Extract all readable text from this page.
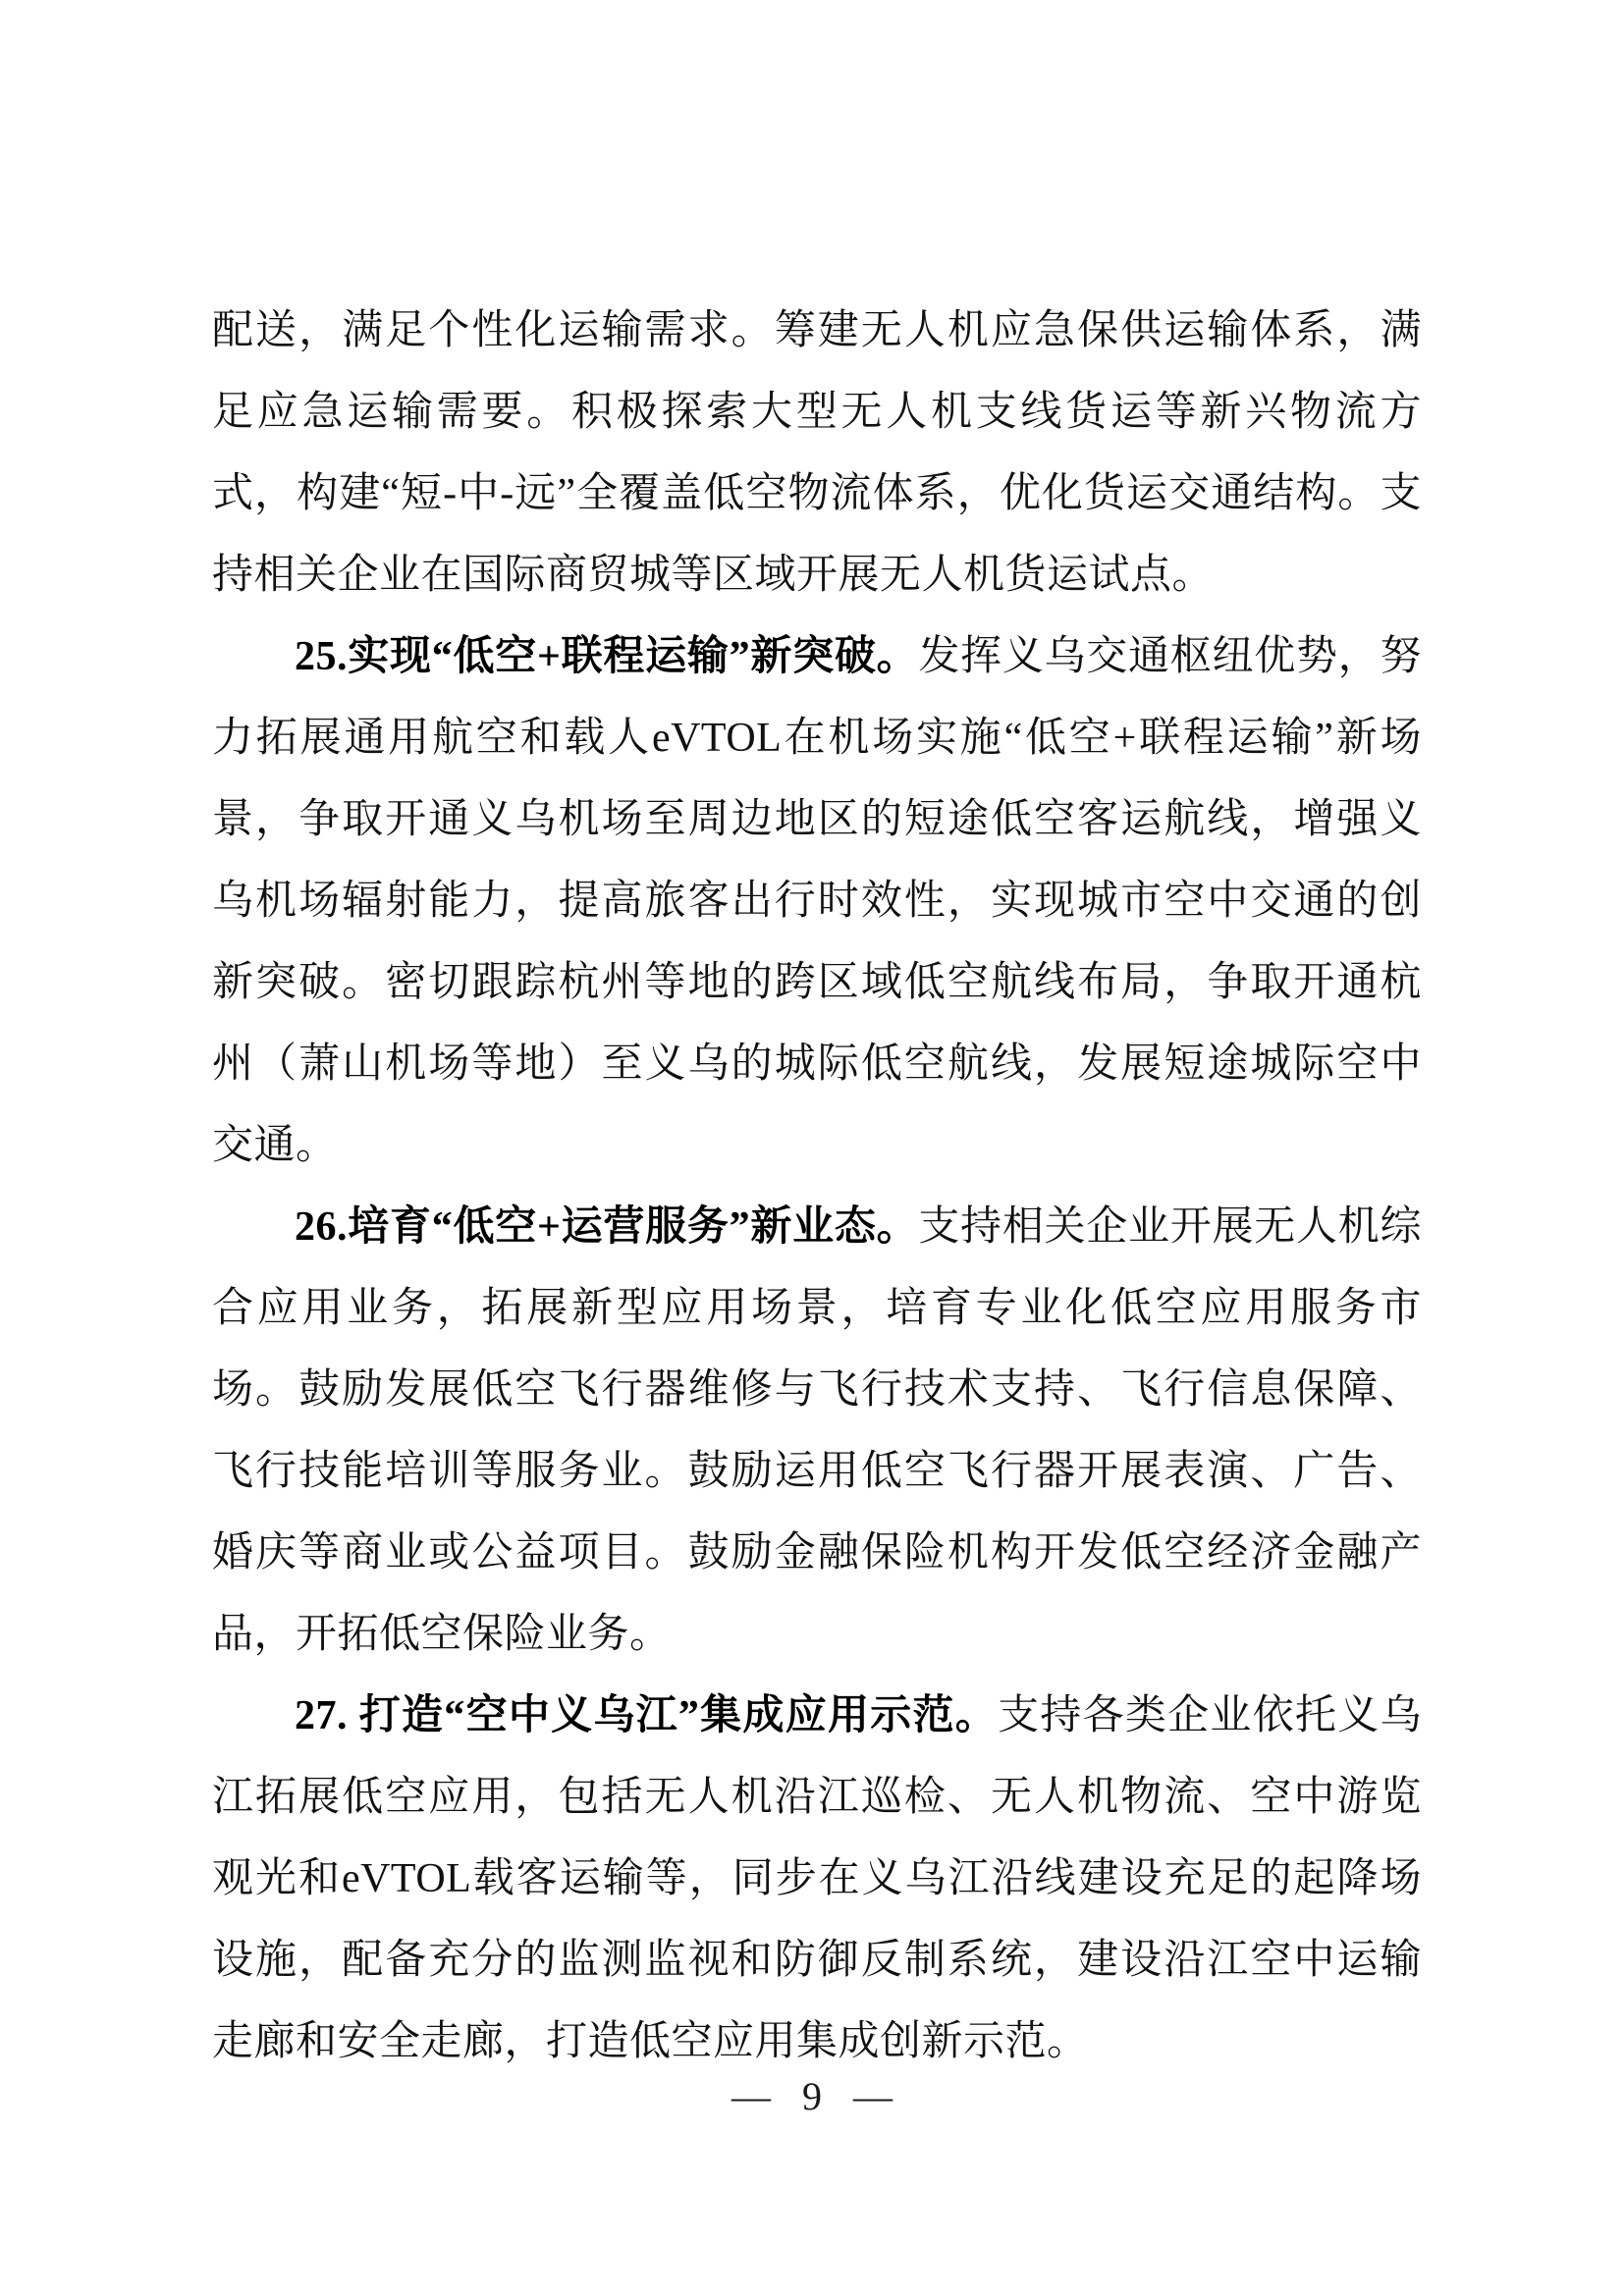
配送，满足个性化运输需求。筹建无人机应急保供运输体系，满足应急运输需要。积极探索大型无人机支线货运等新兴物流方式，构建“短-中-远”全覆盖低空物流体系，优化货运交通结构。支持相关企业在国际商贸城等区域开展无人机货运试点。

25.实现“低空+联程运输”新突破。发挥义乌交通枢纽优势，努力拓展通用航空和载人eVTOL在机场实施“低空+联程运输”新场景，争取开通义乌机场至周边地区的短途低空客运航线，增强义乌机场辐射能力，提高旅客出行时效性，实现城市空中交通的创新突破。密切跟踪杭州等地的跨区域低空航线布局，争取开通杭州（萧山机场等地）至义乌的城际低空航线，发展短途城际空中交通。

26.培育“低空+运营服务”新业态。支持相关企业开展无人机综合应用业务，拓展新型应用场景，培育专业化低空应用服务市场。鼓励发展低空飞行器维修与飞行技术支持、飞行信息保障、飞行技能培训等服务业。鼓励运用低空飞行器开展表演、广告、婚庆等商业或公益项目。鼓励金融保险机构开发低空经济金融产品，开拓低空保险业务。

27. 打造“空中义乌江”集成应用示范。支持各类企业依托义乌江拓展低空应用，包括无人机沿江巡检、无人机物流、空中游览观光和eVTOL载客运输等，同步在义乌江沿线建设充足的起降场设施，配备充分的监测监视和防御反制系统，建设沿江空中运输走廊和安全走廊，打造低空应用集成创新示范。

— 9 —
